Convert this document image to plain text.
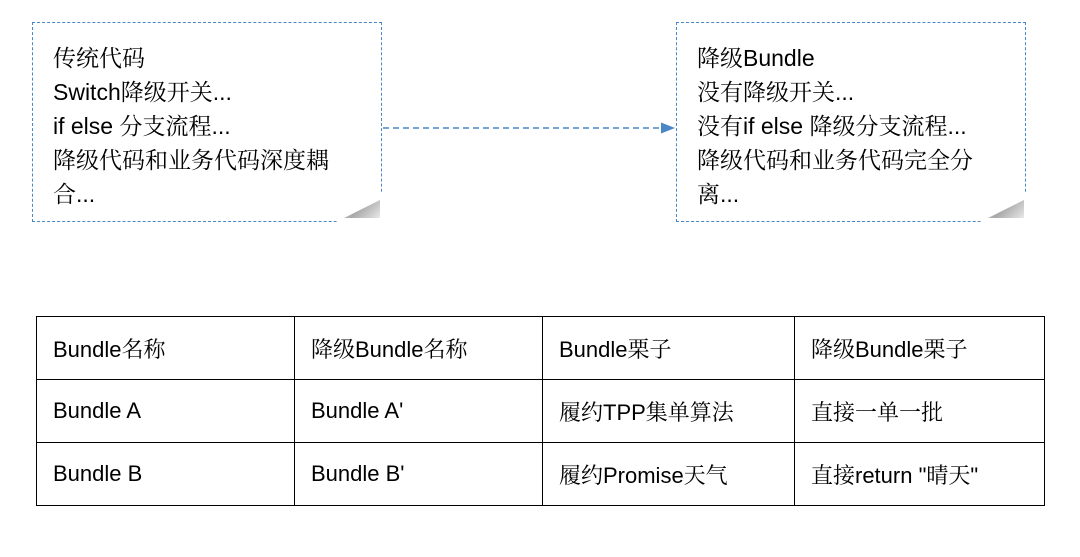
传统代码
Switch降级开关...
if else 分支流程...
降级代码和业务代码深度耦
合...
降级Bundle
没有降级开关...
没有if else 降级分支流程...
降级代码和业务代码完全分
离...
Bundle名称	降级Bundle名称	Bundle栗子	降级Bundle栗子
Bundle A	Bundle A'	履约TPP集单算法	直接一单一批
Bundle B	Bundle B'	履约Promise天气	直接return "晴天"
